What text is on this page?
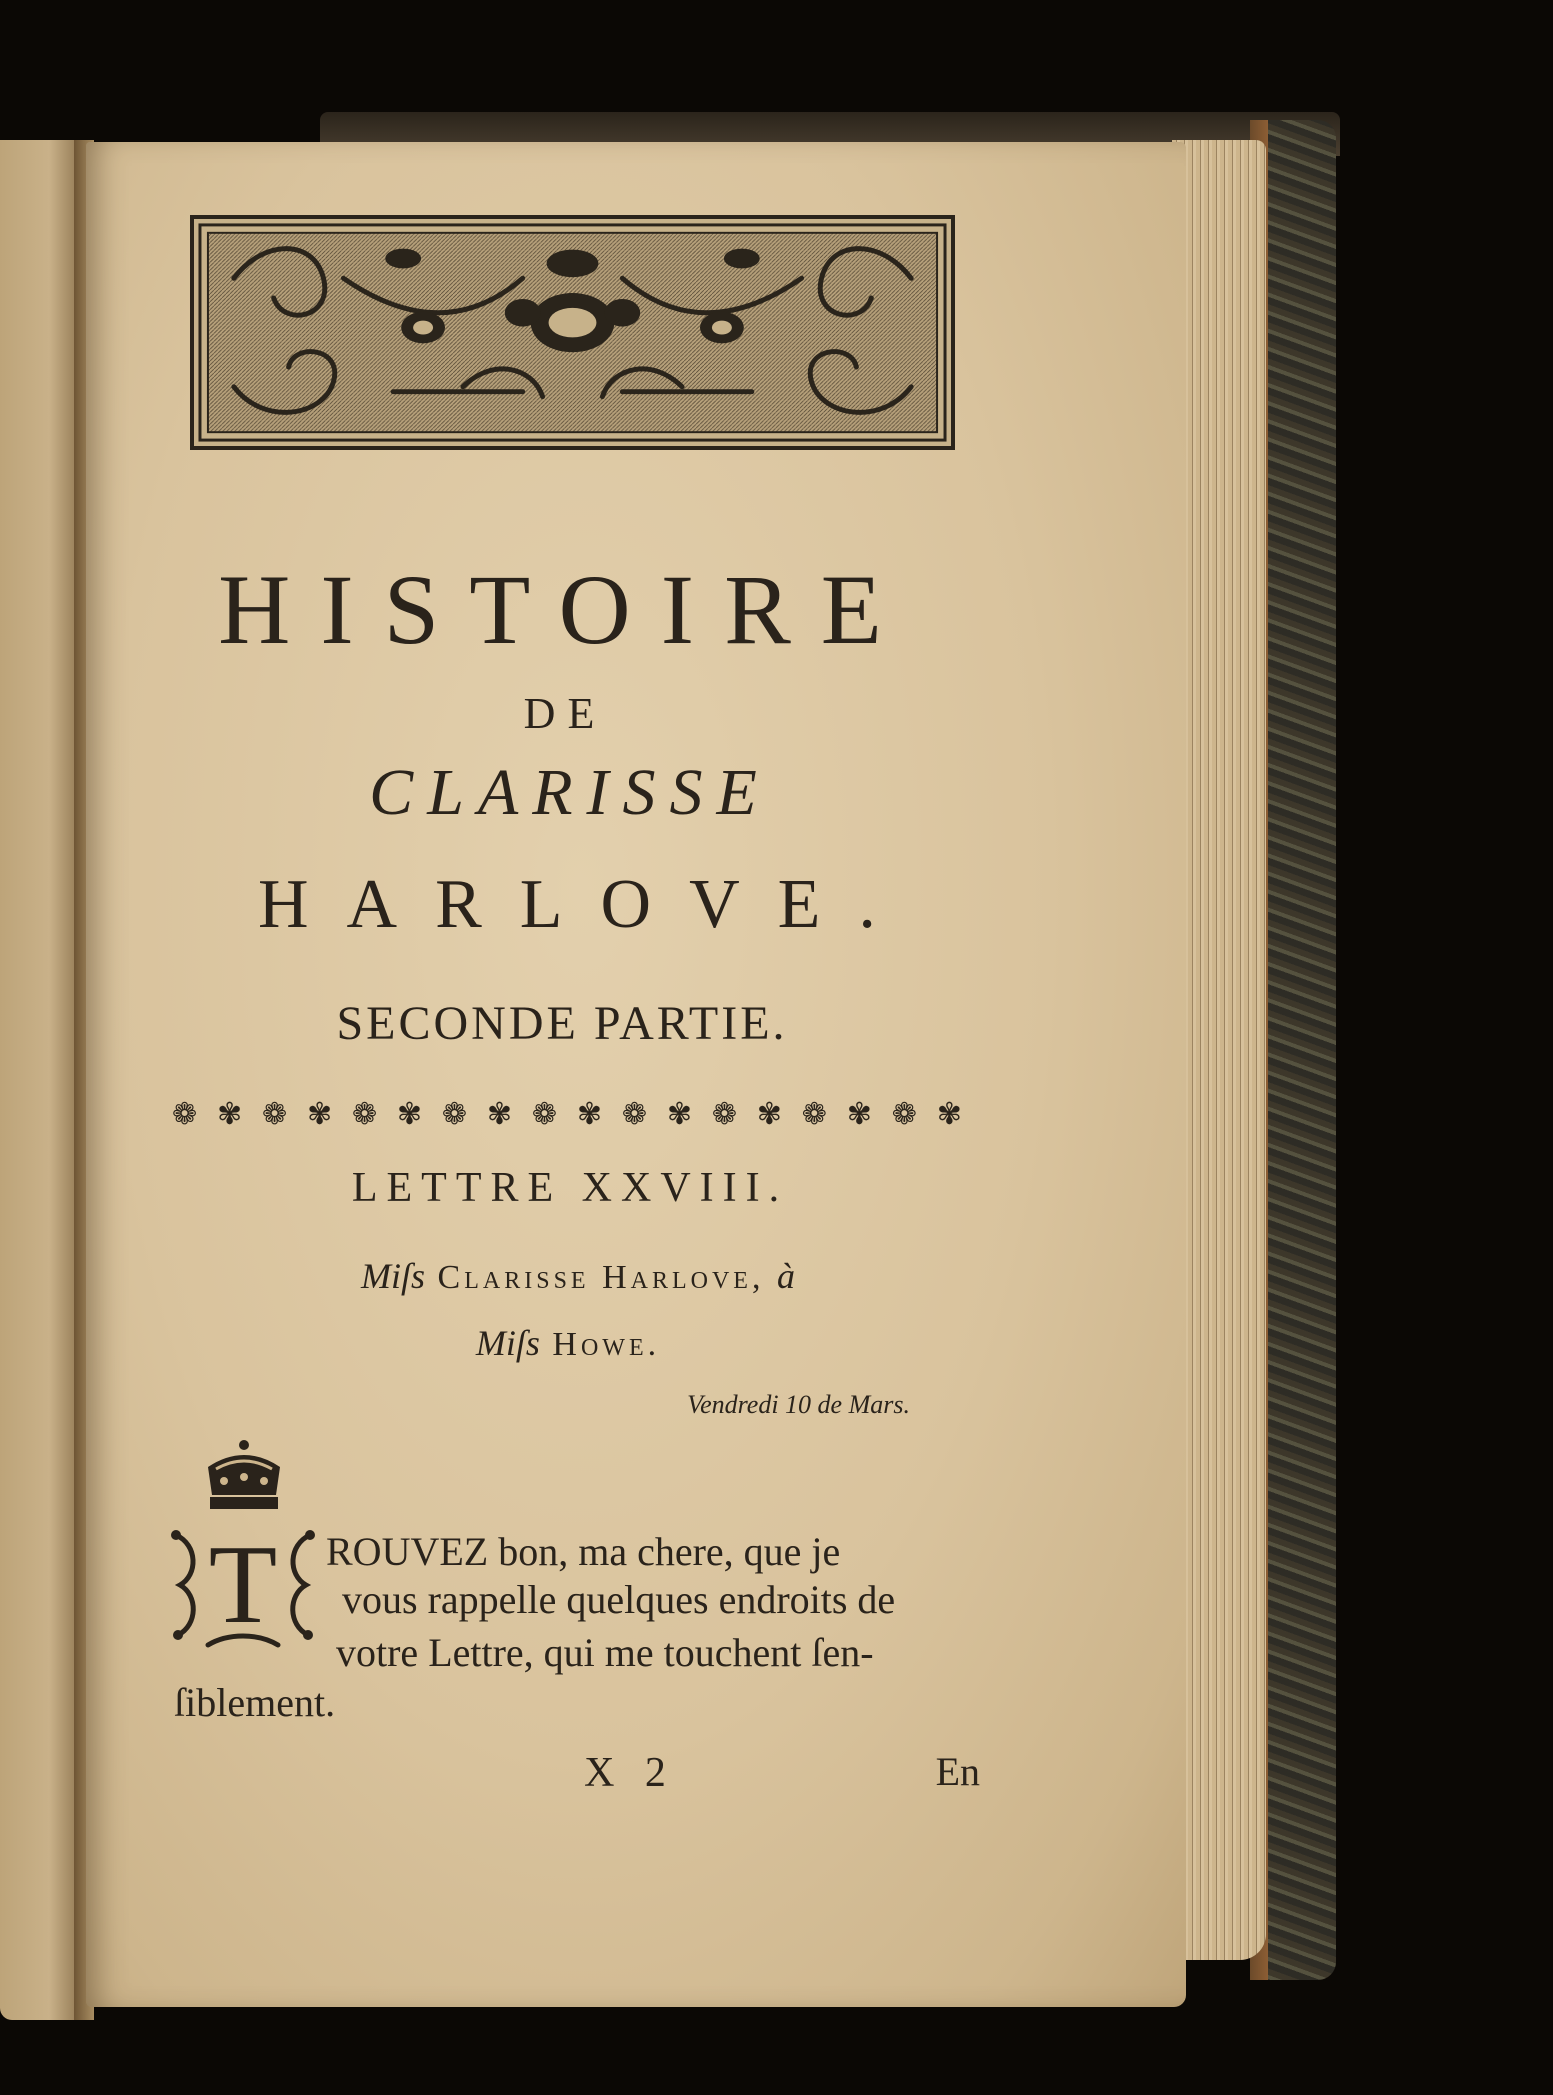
HISTOIRE
DE
CLARISSE
HARLOVE.
SECONDE PARTIE.
❁ ✾ ❁ ✾ ❁ ✾ ❁ ✾ ❁ ✾ ❁ ✾ ❁ ✾ ❁ ✾ ❁ ✾
LETTRE XXVIII.
Miſs Clarisse Harlove, à
Miſs Howe.
Vendredi 10 de Mars.
T	ROUVEZ bon, ma chere, que je
vous rappelle quelques endroits de
votre Lettre, qui me touchent ſen-
ſiblement.
X 2	En
